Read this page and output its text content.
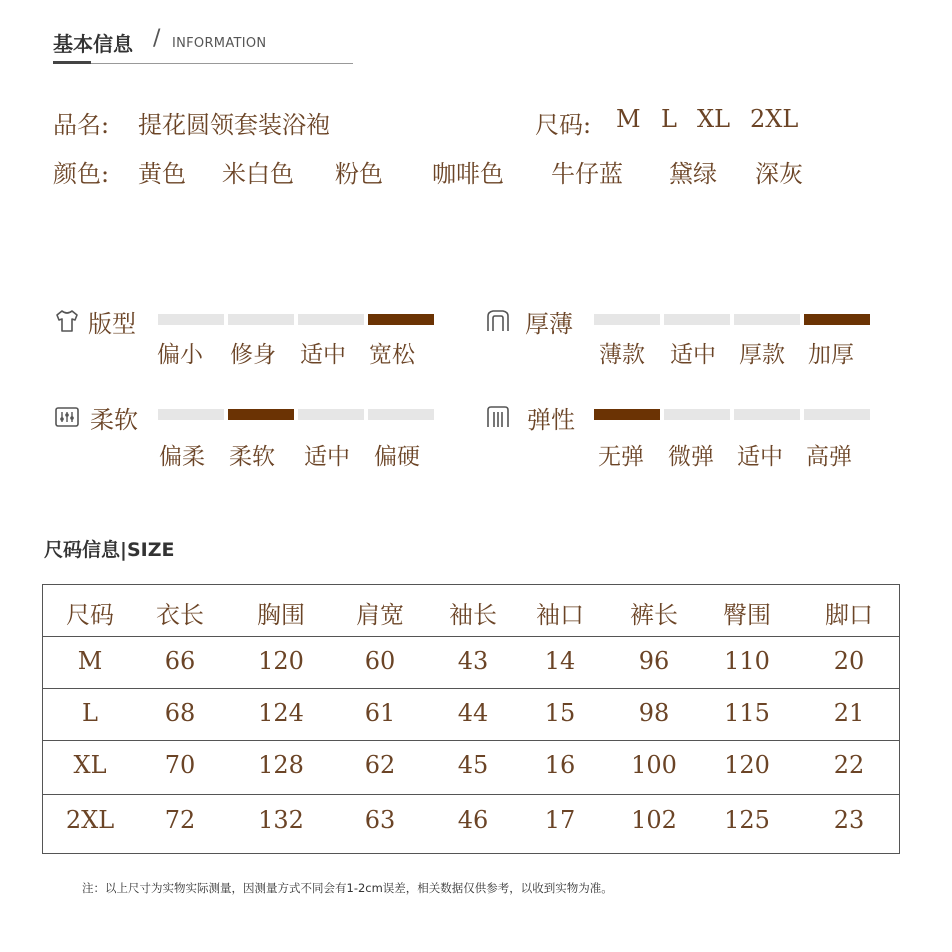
基本信息 / INFORMATION
品名: 提花圆领套装浴袍	尺码: M L XL 2XL
颜色: 黄色 米白色 粉色 咖啡色 牛仔蓝 黛绿 深灰
版型
偏小 修身 适中 宽松
厚薄
薄款 适中 厚款 加厚
柔软
偏柔 柔软 适中 偏硬
弹性
无弹 微弹 适中 高弹
尺码信息|SIZE
尺码	衣长	胸围	肩宽	袖长	袖口	裤长	臀围	脚口
M	66	120	60	43	14	96	110	20
L	68	124	61	44	15	98	115	21
XL	70	128	62	45	16	100	120	22
2XL	72	132	63	46	17	102	125	23
注：以上尺寸为实物实际测量，因测量方式不同会有1-2cm误差，相关数据仅供参考，以收到实物为准。
